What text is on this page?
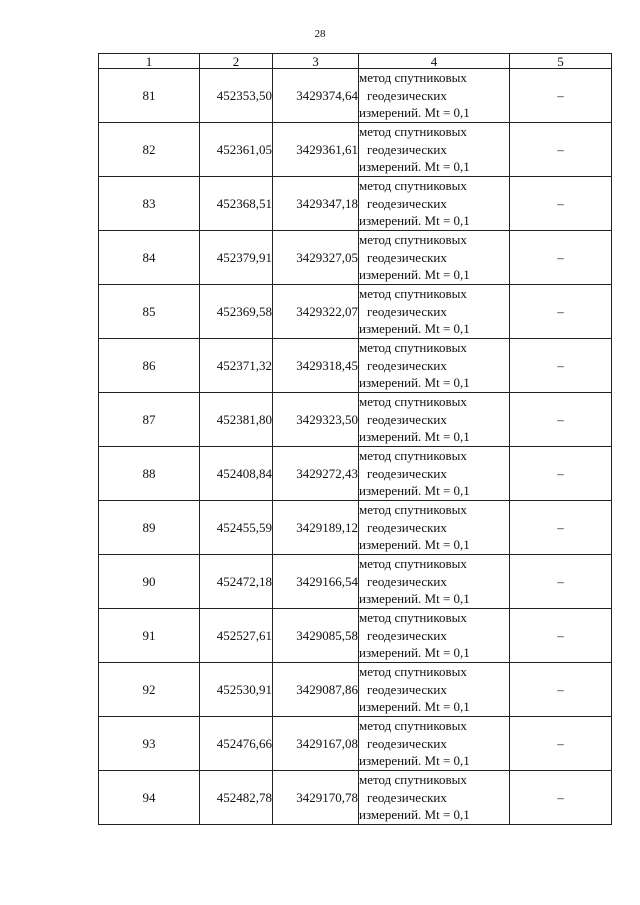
28
1	2	3	4	5
81	452353,50	3429374,64	метод спутниковых
геодезических
измерений. Mt = 0,1	–
82	452361,05	3429361,61	метод спутниковых
геодезических
измерений. Mt = 0,1	–
83	452368,51	3429347,18	метод спутниковых
геодезических
измерений. Mt = 0,1	–
84	452379,91	3429327,05	метод спутниковых
геодезических
измерений. Mt = 0,1	–
85	452369,58	3429322,07	метод спутниковых
геодезических
измерений. Mt = 0,1	–
86	452371,32	3429318,45	метод спутниковых
геодезических
измерений. Mt = 0,1	–
87	452381,80	3429323,50	метод спутниковых
геодезических
измерений. Mt = 0,1	–
88	452408,84	3429272,43	метод спутниковых
геодезических
измерений. Mt = 0,1	–
89	452455,59	3429189,12	метод спутниковых
геодезических
измерений. Mt = 0,1	–
90	452472,18	3429166,54	метод спутниковых
геодезических
измерений. Mt = 0,1	–
91	452527,61	3429085,58	метод спутниковых
геодезических
измерений. Mt = 0,1	–
92	452530,91	3429087,86	метод спутниковых
геодезических
измерений. Mt = 0,1	–
93	452476,66	3429167,08	метод спутниковых
геодезических
измерений. Mt = 0,1	–
94	452482,78	3429170,78	метод спутниковых
геодезических
измерений. Mt = 0,1	–
